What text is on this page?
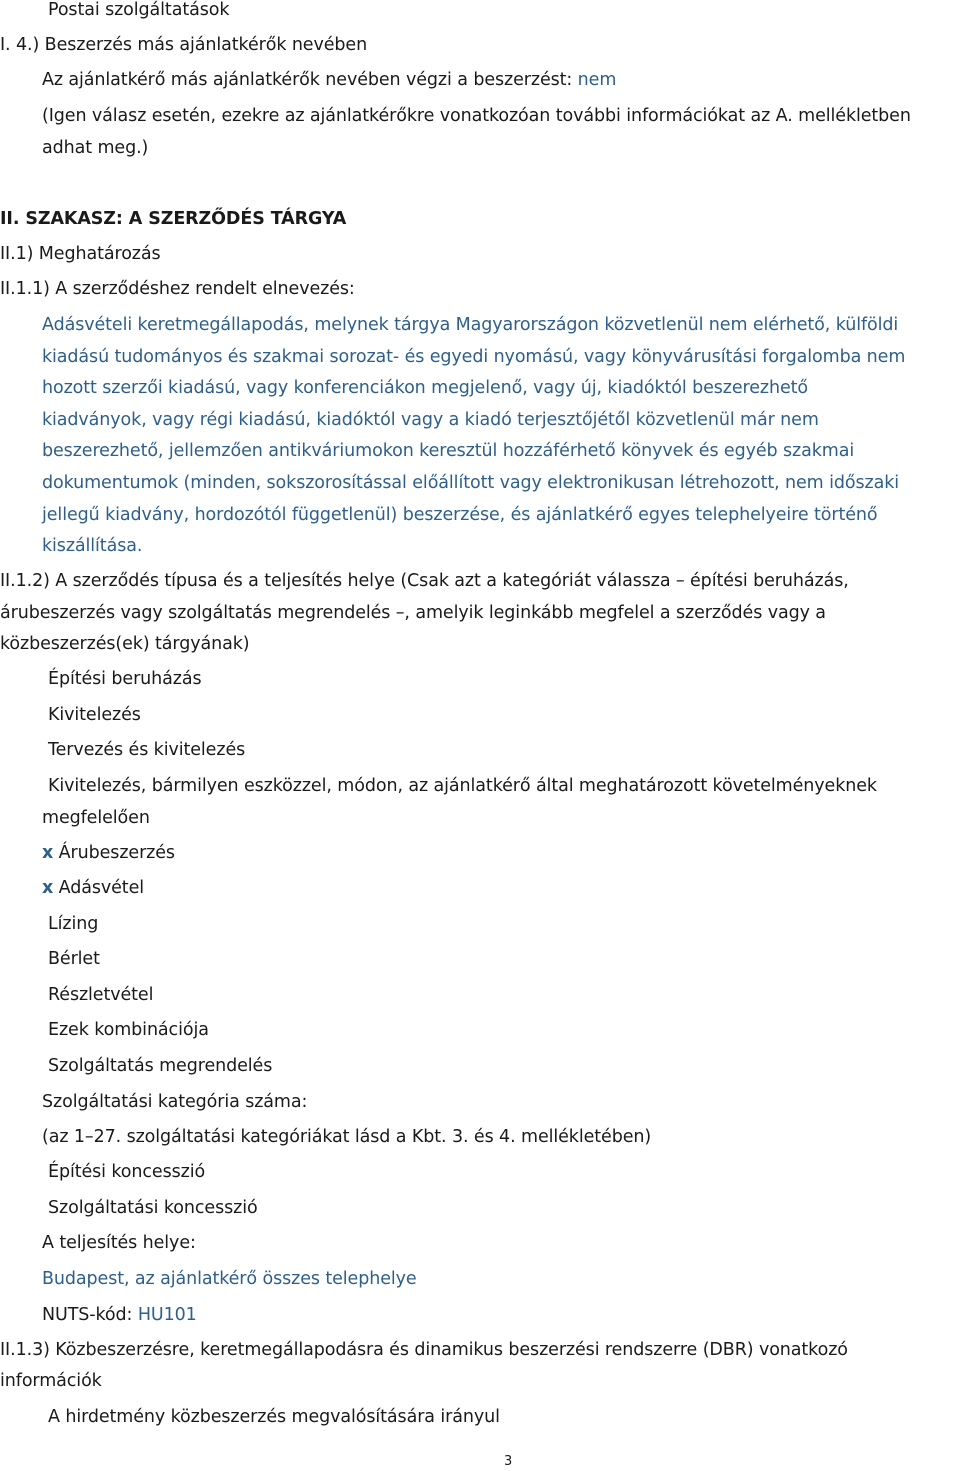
Postai szolgáltatások
I. 4.) Beszerzés más ajánlatkérők nevében
Az ajánlatkérő más ajánlatkérők nevében végzi a beszerzést: nem
(Igen válasz esetén, ezekre az ajánlatkérőkre vonatkozóan további információkat az A. mellékletben
adhat meg.)
II. SZAKASZ: A SZERZŐDÉS TÁRGYA
II.1) Meghatározás
II.1.1) A szerződéshez rendelt elnevezés:
Adásvételi keretmegállapodás, melynek tárgya Magyarországon közvetlenül nem elérhető, külföldi
kiadású tudományos és szakmai sorozat- és egyedi nyomású, vagy könyvárusítási forgalomba nem
hozott szerzői kiadású, vagy konferenciákon megjelenő, vagy új, kiadóktól beszerezhető
kiadványok, vagy régi kiadású, kiadóktól vagy a kiadó terjesztőjétől közvetlenül már nem
beszerezhető, jellemzően antikváriumokon keresztül hozzáférhető könyvek és egyéb szakmai
dokumentumok (minden, sokszorosítással előállított vagy elektronikusan létrehozott, nem időszaki
jellegű kiadvány, hordozótól függetlenül) beszerzése, és ajánlatkérő egyes telephelyeire történő
kiszállítása.
II.1.2) A szerződés típusa és a teljesítés helye (Csak azt a kategóriát válassza – építési beruházás,
árubeszerzés vagy szolgáltatás megrendelés –, amelyik leginkább megfelel a szerződés vagy a
közbeszerzés(ek) tárgyának)
Építési beruházás
Kivitelezés
Tervezés és kivitelezés
Kivitelezés, bármilyen eszközzel, módon, az ajánlatkérő által meghatározott követelményeknek
megfelelően
x Árubeszerzés
x Adásvétel
Lízing
Bérlet
Részletvétel
Ezek kombinációja
Szolgáltatás megrendelés
Szolgáltatási kategória száma:
(az 1–27. szolgáltatási kategóriákat lásd a Kbt. 3. és 4. mellékletében)
Építési koncesszió
Szolgáltatási koncesszió
A teljesítés helye:
Budapest, az ajánlatkérő összes telephelye
NUTS-kód: HU101
II.1.3) Közbeszerzésre, keretmegállapodásra és dinamikus beszerzési rendszerre (DBR) vonatkozó
információk
A hirdetmény közbeszerzés megvalósítására irányul
3
